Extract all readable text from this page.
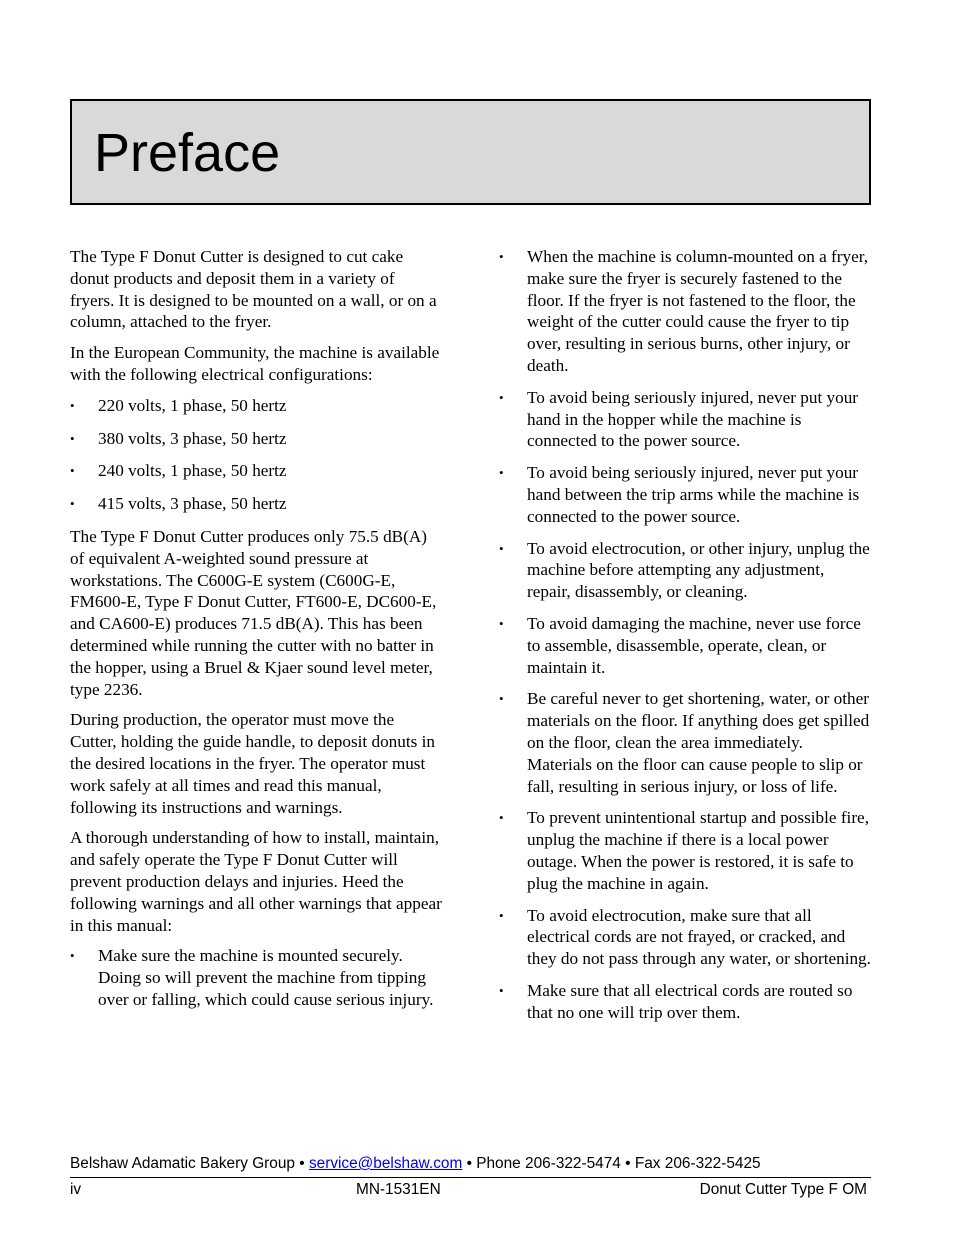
Preface

The Type F Donut Cutter is designed to cut cake donut products and deposit them in a variety of fryers. It is designed to be mounted on a wall, or on a column, attached to the fryer.

In the European Community, the machine is available with the following electrical configurations:

•	220 volts, 1 phase, 50 hertz
•	380 volts, 3 phase, 50 hertz
•	240 volts, 1 phase, 50 hertz
•	415 volts, 3 phase, 50 hertz

The Type F Donut Cutter produces only 75.5 dB(A) of equivalent A-weighted sound pressure at workstations. The C600G-E system (C600G-E, FM600-E, Type F Donut Cutter, FT600-E, DC600-E, and CA600-E) produces 71.5 dB(A). This has been determined while running the cutter with no batter in the hopper, using a Bruel & Kjaer sound level meter, type 2236.

During production, the operator must move the Cutter, holding the guide handle, to deposit donuts in the desired locations in the fryer. The operator must work safely at all times and read this manual, following its instructions and warnings.

A thorough understanding of how to install, maintain, and safely operate the Type F Donut Cutter will prevent production delays and injuries. Heed the following warnings and all other warnings that appear in this manual:

•	Make sure the machine is mounted securely. Doing so will prevent the machine from tipping over or falling, which could cause serious injury.
•	When the machine is column-mounted on a fryer, make sure the fryer is securely fastened to the floor. If the fryer is not fastened to the floor, the weight of the cutter could cause the fryer to tip over, resulting in serious burns, other injury, or death.
•	To avoid being seriously injured, never put your hand in the hopper while the machine is connected to the power source.
•	To avoid being seriously injured, never put your hand between the trip arms while the machine is connected to the power source.
•	To avoid electrocution, or other injury, unplug the machine before attempting any adjustment, repair, disassembly, or cleaning.
•	To avoid damaging the machine, never use force to assemble, disassemble, operate, clean, or maintain it.
•	Be careful never to get shortening, water, or other materials on the floor. If anything does get spilled on the floor, clean the area immediately. Materials on the floor can cause people to slip or fall, resulting in serious injury, or loss of life.
•	To prevent unintentional startup and possible fire, unplug the machine if there is a local power outage. When the power is restored, it is safe to plug the machine in again.
•	To avoid electrocution, make sure that all electrical cords are not frayed, or cracked, and they do not pass through any water, or shortening.
•	Make sure that all electrical cords are routed so that no one will trip over them.
Belshaw Adamatic Bakery Group • service@belshaw.com • Phone 206-322-5474 • Fax 206-322-5425
iv	MN-1531EN	Donut Cutter Type F OM
